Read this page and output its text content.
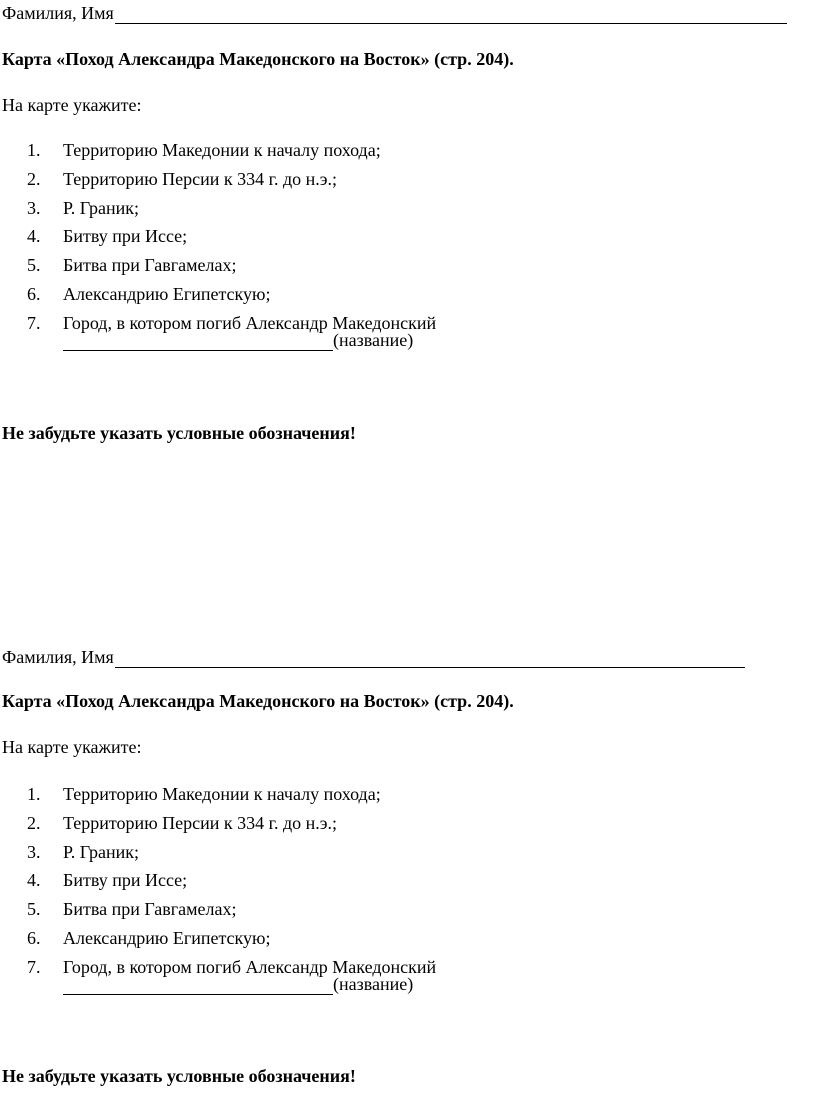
Фамилия, Имя
Карта «Поход Александра Македонского на Восток» (стр. 204).
На карте укажите:
1.	Территорию Македонии к началу похода;
2.	Территорию Персии к 334 г. до н.э.;
3.	Р. Граник;
4.	Битву при Иссе;
5.	Битва при Гавгамелах;
6.	Александрию Египетскую;
7.	Город, в котором погиб Александр Македонский
(название)
Не забудьте указать условные обозначения!
Фамилия, Имя
Карта «Поход Александра Македонского на Восток» (стр. 204).
На карте укажите:
1.	Территорию Македонии к началу похода;
2.	Территорию Персии к 334 г. до н.э.;
3.	Р. Граник;
4.	Битву при Иссе;
5.	Битва при Гавгамелах;
6.	Александрию Египетскую;
7.	Город, в котором погиб Александр Македонский
(название)
Не забудьте указать условные обозначения!
